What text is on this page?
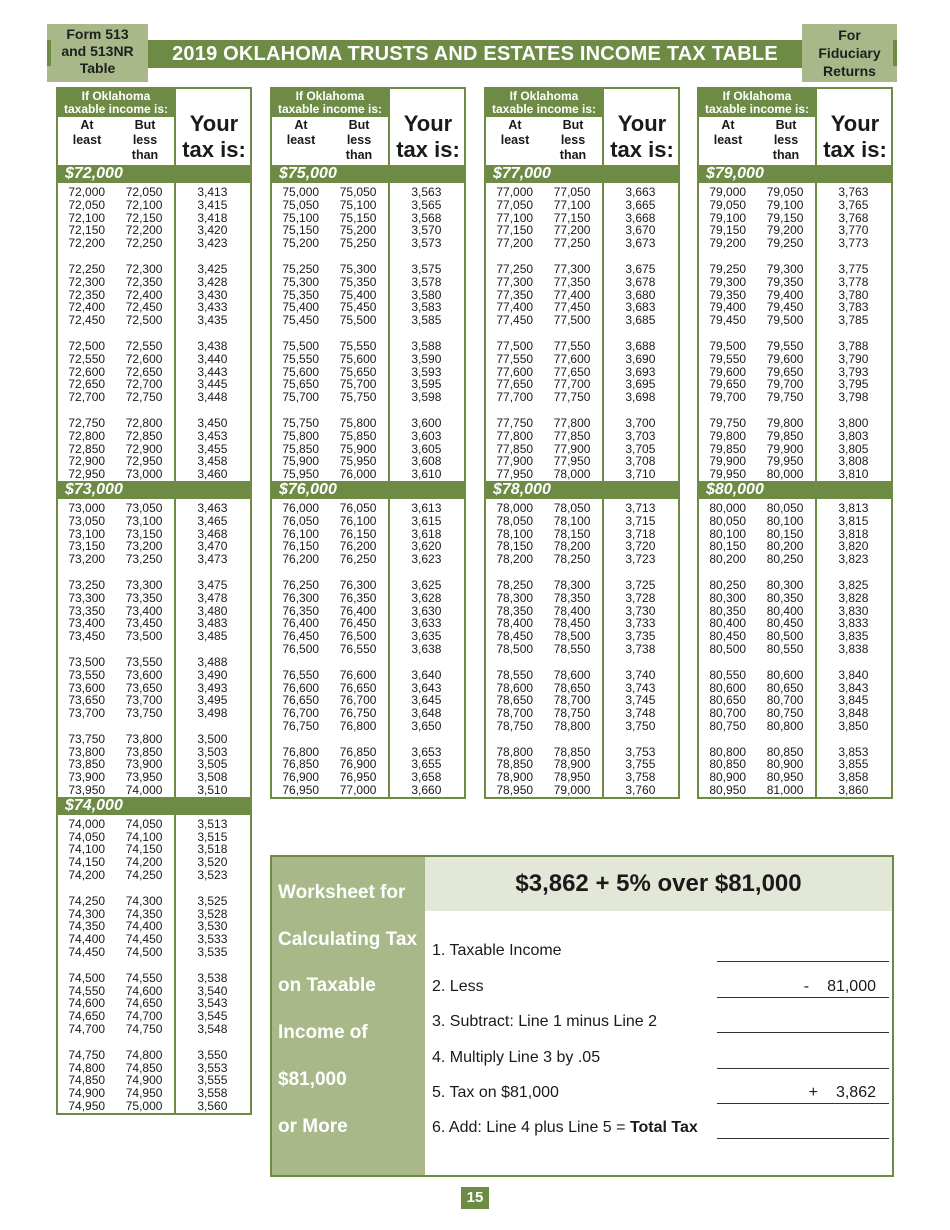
Form 513
and 513NR
Table
2019 OKLAHOMA TRUSTS AND ESTATES INCOME TAX TABLE
For
Fiduciary
Returns
If Oklahoma
taxable income is:
At
least
But
less
than
Your
tax is:
$72,000
72,000	72,050	3,413
72,050	72,100	3,415
72,100	72,150	3,418
72,150	72,200	3,420
72,200	72,250	3,423
72,250	72,300	3,425
72,300	72,350	3,428
72,350	72,400	3,430
72,400	72,450	3,433
72,450	72,500	3,435
72,500	72,550	3,438
72,550	72,600	3,440
72,600	72,650	3,443
72,650	72,700	3,445
72,700	72,750	3,448
72,750	72,800	3,450
72,800	72,850	3,453
72,850	72,900	3,455
72,900	72,950	3,458
72,950	73,000	3,460
$73,000
73,000	73,050	3,463
73,050	73,100	3,465
73,100	73,150	3,468
73,150	73,200	3,470
73,200	73,250	3,473
73,250	73,300	3,475
73,300	73,350	3,478
73,350	73,400	3,480
73,400	73,450	3,483
73,450	73,500	3,485
73,500	73,550	3,488
73,550	73,600	3,490
73,600	73,650	3,493
73,650	73,700	3,495
73,700	73,750	3,498
73,750	73,800	3,500
73,800	73,850	3,503
73,850	73,900	3,505
73,900	73,950	3,508
73,950	74,000	3,510
$74,000
74,000	74,050	3,513
74,050	74,100	3,515
74,100	74,150	3,518
74,150	74,200	3,520
74,200	74,250	3,523
74,250	74,300	3,525
74,300	74,350	3,528
74,350	74,400	3,530
74,400	74,450	3,533
74,450	74,500	3,535
74,500	74,550	3,538
74,550	74,600	3,540
74,600	74,650	3,543
74,650	74,700	3,545
74,700	74,750	3,548
74,750	74,800	3,550
74,800	74,850	3,553
74,850	74,900	3,555
74,900	74,950	3,558
74,950	75,000	3,560
If Oklahoma
taxable income is:
At
least
But
less
than
Your
tax is:
$75,000
75,000	75,050	3,563
75,050	75,100	3,565
75,100	75,150	3,568
75,150	75,200	3,570
75,200	75,250	3,573
75,250	75,300	3,575
75,300	75,350	3,578
75,350	75,400	3,580
75,400	75,450	3,583
75,450	75,500	3,585
75,500	75,550	3,588
75,550	75,600	3,590
75,600	75,650	3,593
75,650	75,700	3,595
75,700	75,750	3,598
75,750	75,800	3,600
75,800	75,850	3,603
75,850	75,900	3,605
75,900	75,950	3,608
75,950	76,000	3,610
$76,000
76,000	76,050	3,613
76,050	76,100	3,615
76,100	76,150	3,618
76,150	76,200	3,620
76,200	76,250	3,623
76,250	76,300	3,625
76,300	76,350	3,628
76,350	76,400	3,630
76,400	76,450	3,633
76,450	76,500	3,635
76,500	76,550	3,638
76,550	76,600	3,640
76,600	76,650	3,643
76,650	76,700	3,645
76,700	76,750	3,648
76,750	76,800	3,650
76,800	76,850	3,653
76,850	76,900	3,655
76,900	76,950	3,658
76,950	77,000	3,660
If Oklahoma
taxable income is:
At
least
But
less
than
Your
tax is:
$77,000
77,000	77,050	3,663
77,050	77,100	3,665
77,100	77,150	3,668
77,150	77,200	3,670
77,200	77,250	3,673
77,250	77,300	3,675
77,300	77,350	3,678
77,350	77,400	3,680
77,400	77,450	3,683
77,450	77,500	3,685
77,500	77,550	3,688
77,550	77,600	3,690
77,600	77,650	3,693
77,650	77,700	3,695
77,700	77,750	3,698
77,750	77,800	3,700
77,800	77,850	3,703
77,850	77,900	3,705
77,900	77,950	3,708
77,950	78,000	3,710
$78,000
78,000	78,050	3,713
78,050	78,100	3,715
78,100	78,150	3,718
78,150	78,200	3,720
78,200	78,250	3,723
78,250	78,300	3,725
78,300	78,350	3,728
78,350	78,400	3,730
78,400	78,450	3,733
78,450	78,500	3,735
78,500	78,550	3,738
78,550	78,600	3,740
78,600	78,650	3,743
78,650	78,700	3,745
78,700	78,750	3,748
78,750	78,800	3,750
78,800	78,850	3,753
78,850	78,900	3,755
78,900	78,950	3,758
78,950	79,000	3,760
If Oklahoma
taxable income is:
At
least
But
less
than
Your
tax is:
$79,000
79,000	79,050	3,763
79,050	79,100	3,765
79,100	79,150	3,768
79,150	79,200	3,770
79,200	79,250	3,773
79,250	79,300	3,775
79,300	79,350	3,778
79,350	79,400	3,780
79,400	79,450	3,783
79,450	79,500	3,785
79,500	79,550	3,788
79,550	79,600	3,790
79,600	79,650	3,793
79,650	79,700	3,795
79,700	79,750	3,798
79,750	79,800	3,800
79,800	79,850	3,803
79,850	79,900	3,805
79,900	79,950	3,808
79,950	80,000	3,810
$80,000
80,000	80,050	3,813
80,050	80,100	3,815
80,100	80,150	3,818
80,150	80,200	3,820
80,200	80,250	3,823
80,250	80,300	3,825
80,300	80,350	3,828
80,350	80,400	3,830
80,400	80,450	3,833
80,450	80,500	3,835
80,500	80,550	3,838
80,550	80,600	3,840
80,600	80,650	3,843
80,650	80,700	3,845
80,700	80,750	3,848
80,750	80,800	3,850
80,800	80,850	3,853
80,850	80,900	3,855
80,900	80,950	3,858
80,950	81,000	3,860
Worksheet for
Calculating Tax
on Taxable
Income of
$81,000
or More
$3,862 + 5% over $81,000
1. Taxable Income
2. Less	- 81,000
3. Subtract: Line 1 minus Line 2
4. Multiply Line 3 by .05
5. Tax on $81,000	+ 3,862
6. Add: Line 4 plus Line 5 = Total Tax
15
